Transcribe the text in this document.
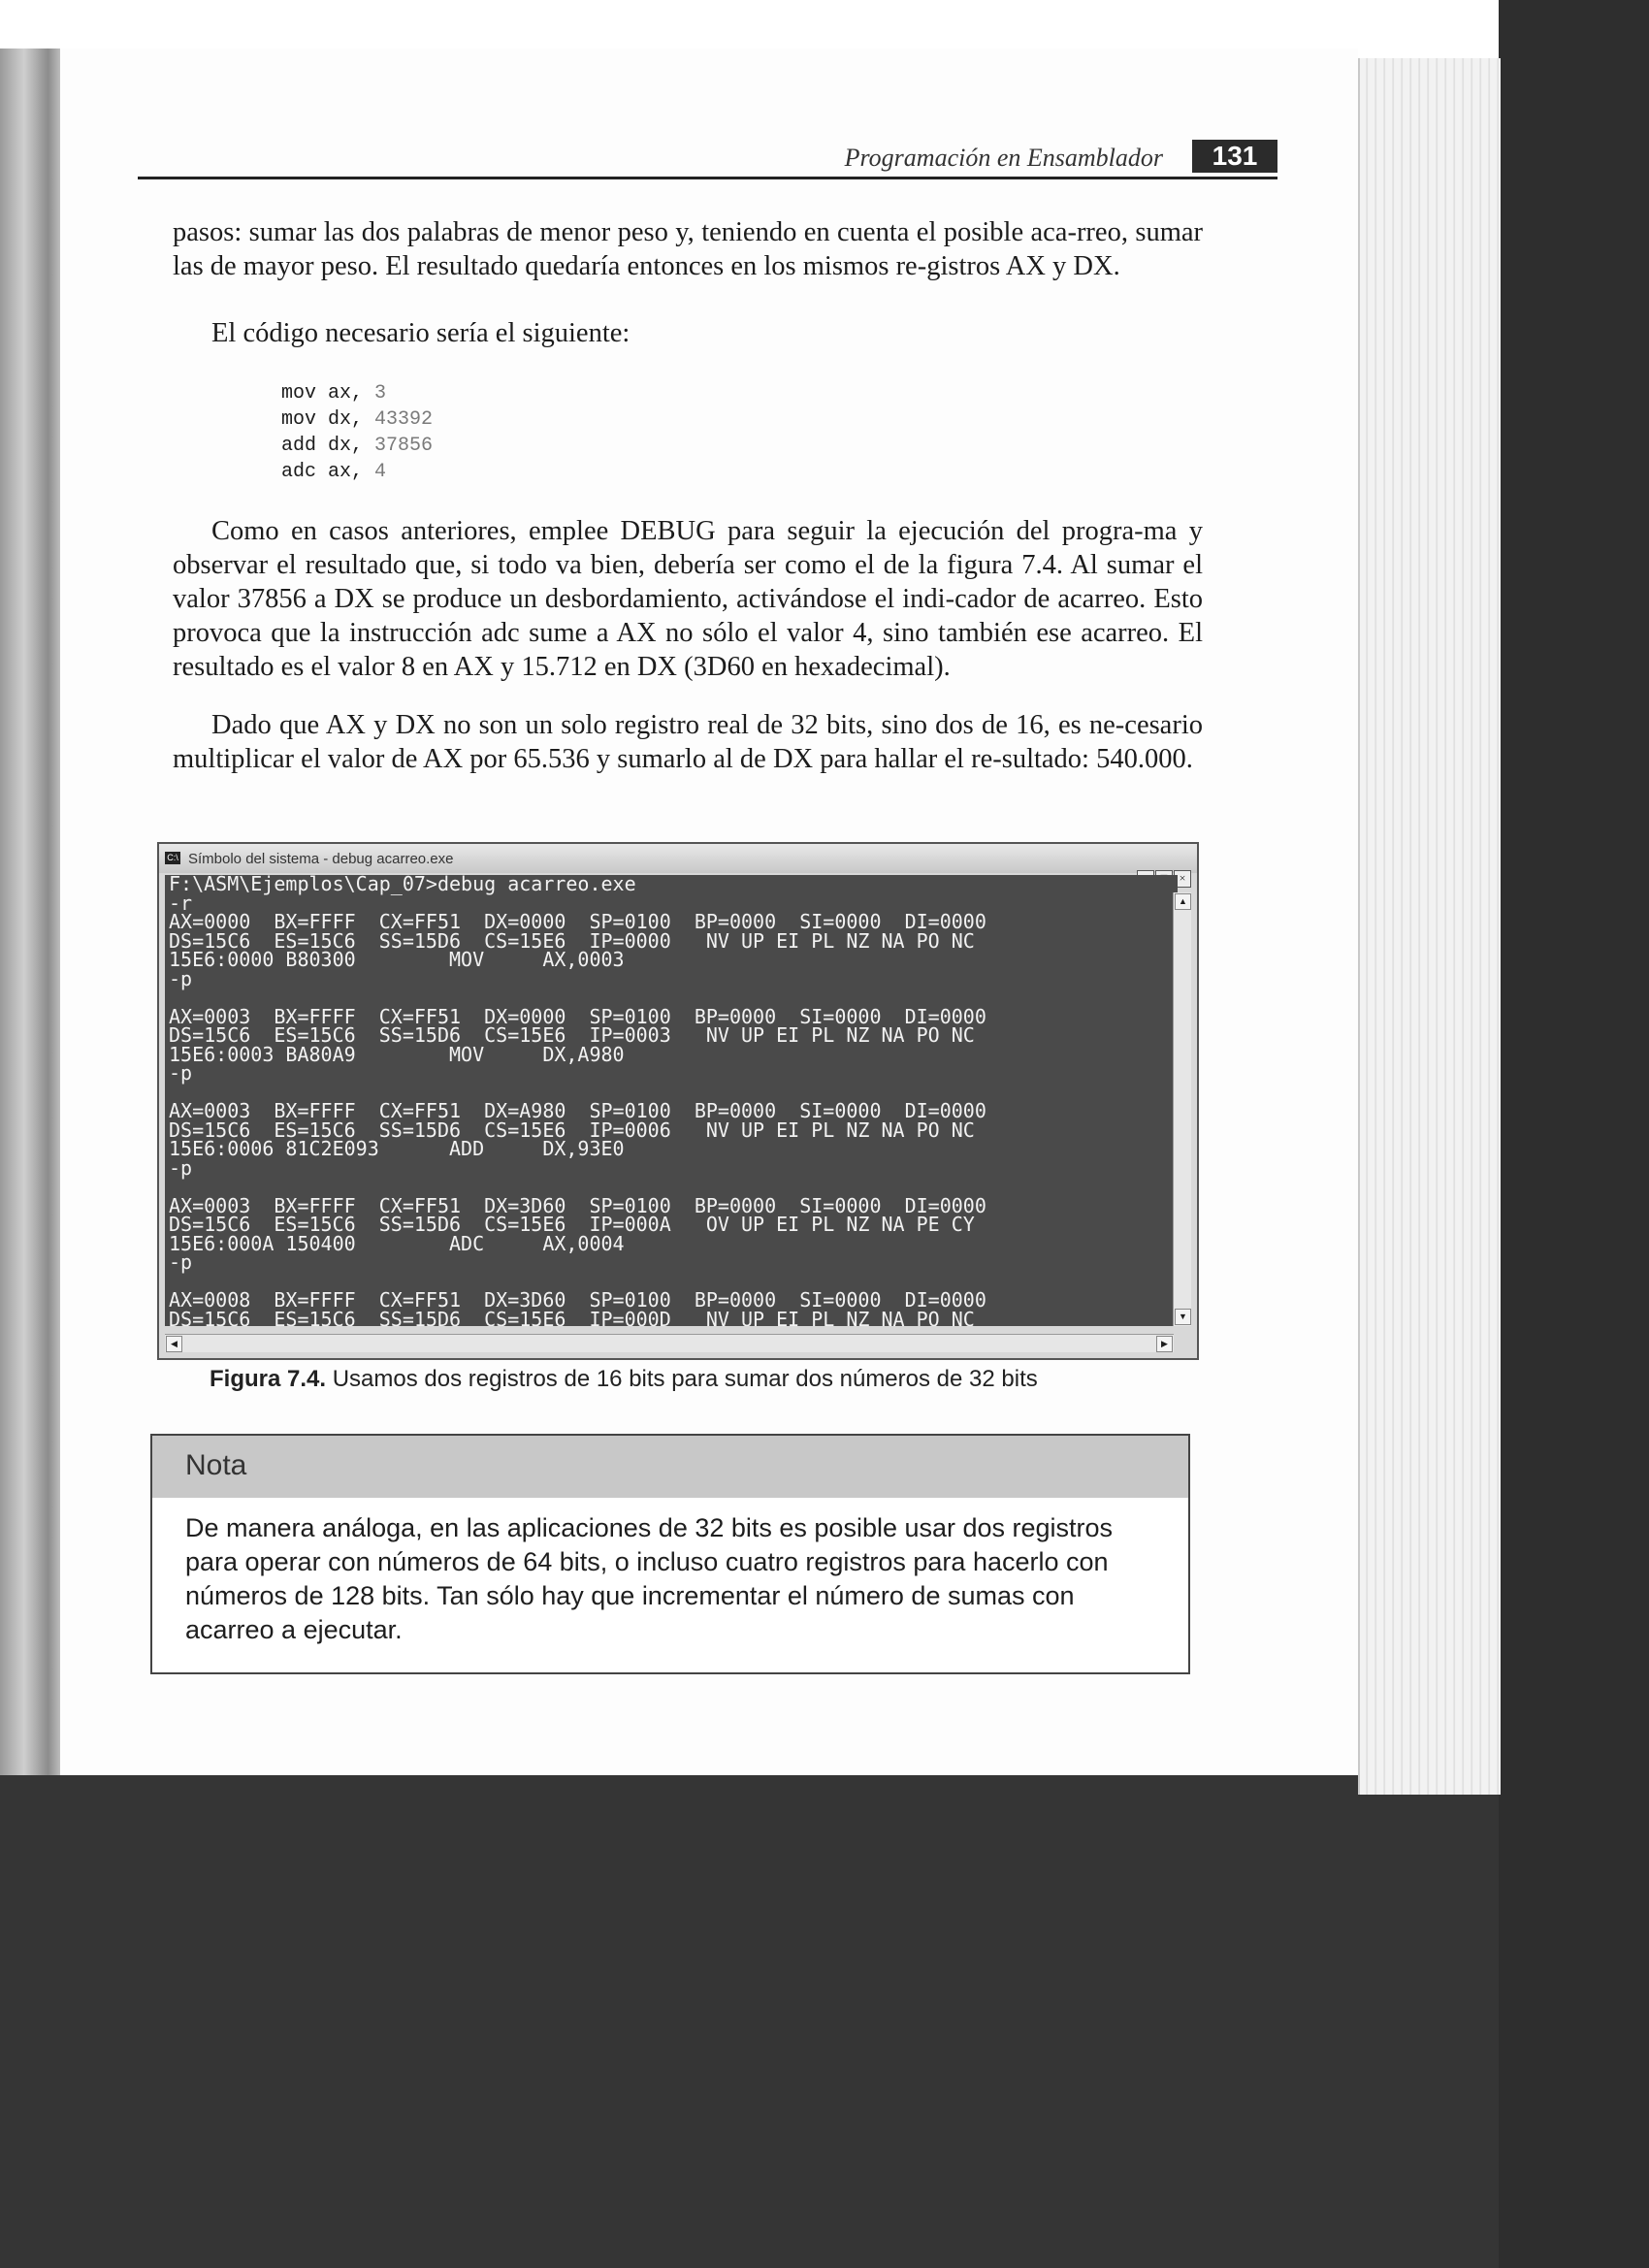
Programación en Ensamblador	131
pasos: sumar las dos palabras de menor peso y, teniendo en cuenta el posible aca-rreo, sumar las de mayor peso. El resultado quedaría entonces en los mismos re-gistros AX y DX.
El código necesario sería el siguiente:
mov ax, 3
mov dx, 43392
add dx, 37856
adc ax, 4
Como en casos anteriores, emplee DEBUG para seguir la ejecución del progra-ma y observar el resultado que, si todo va bien, debería ser como el de la figura 7.4. Al sumar el valor 37856 a DX se produce un desbordamiento, activándose el indi-cador de acarreo. Esto provoca que la instrucción adc sume a AX no sólo el valor 4, sino también ese acarreo. El resultado es el valor 8 en AX y 15.712 en DX (3D60 en hexadecimal).
Dado que AX y DX no son un solo registro real de 32 bits, sino dos de 16, es ne-cesario multiplicar el valor de AX por 65.536 y sumarlo al de DX para hallar el re-sultado: 540.000.
C:\ Símbolo del sistema - debug acarreo.exe
×
F:\ASM\Ejemplos\Cap_07>debug acarreo.exe
-r
AX=0000  BX=FFFF  CX=FF51  DX=0000  SP=0100  BP=0000  SI=0000  DI=0000
DS=15C6  ES=15C6  SS=15D6  CS=15E6  IP=0000   NV UP EI PL NZ NA PO NC
15E6:0000 B80300        MOV     AX,0003
-p

AX=0003  BX=FFFF  CX=FF51  DX=0000  SP=0100  BP=0000  SI=0000  DI=0000
DS=15C6  ES=15C6  SS=15D6  CS=15E6  IP=0003   NV UP EI PL NZ NA PO NC
15E6:0003 BA80A9        MOV     DX,A980
-p

AX=0003  BX=FFFF  CX=FF51  DX=A980  SP=0100  BP=0000  SI=0000  DI=0000
DS=15C6  ES=15C6  SS=15D6  CS=15E6  IP=0006   NV UP EI PL NZ NA PO NC
15E6:0006 81C2E093      ADD     DX,93E0
-p

AX=0003  BX=FFFF  CX=FF51  DX=3D60  SP=0100  BP=0000  SI=0000  DI=0000
DS=15C6  ES=15C6  SS=15D6  CS=15E6  IP=000A   OV UP EI PL NZ NA PE CY
15E6:000A 150400        ADC     AX,0004
-p

AX=0008  BX=FFFF  CX=FF51  DX=3D60  SP=0100  BP=0000  SI=0000  DI=0000
DS=15C6  ES=15C6  SS=15D6  CS=15E6  IP=000D   NV UP EI PL NZ NA PO NC
▲
▼
◀	▶
Figura 7.4. Usamos dos registros de 16 bits para sumar dos números de 32 bits
Nota
De manera análoga, en las aplicaciones de 32 bits es posible usar dos registros para operar con números de 64 bits, o incluso cuatro registros para hacerlo con números de 128 bits. Tan sólo hay que incrementar el número de sumas con acarreo a ejecutar.
